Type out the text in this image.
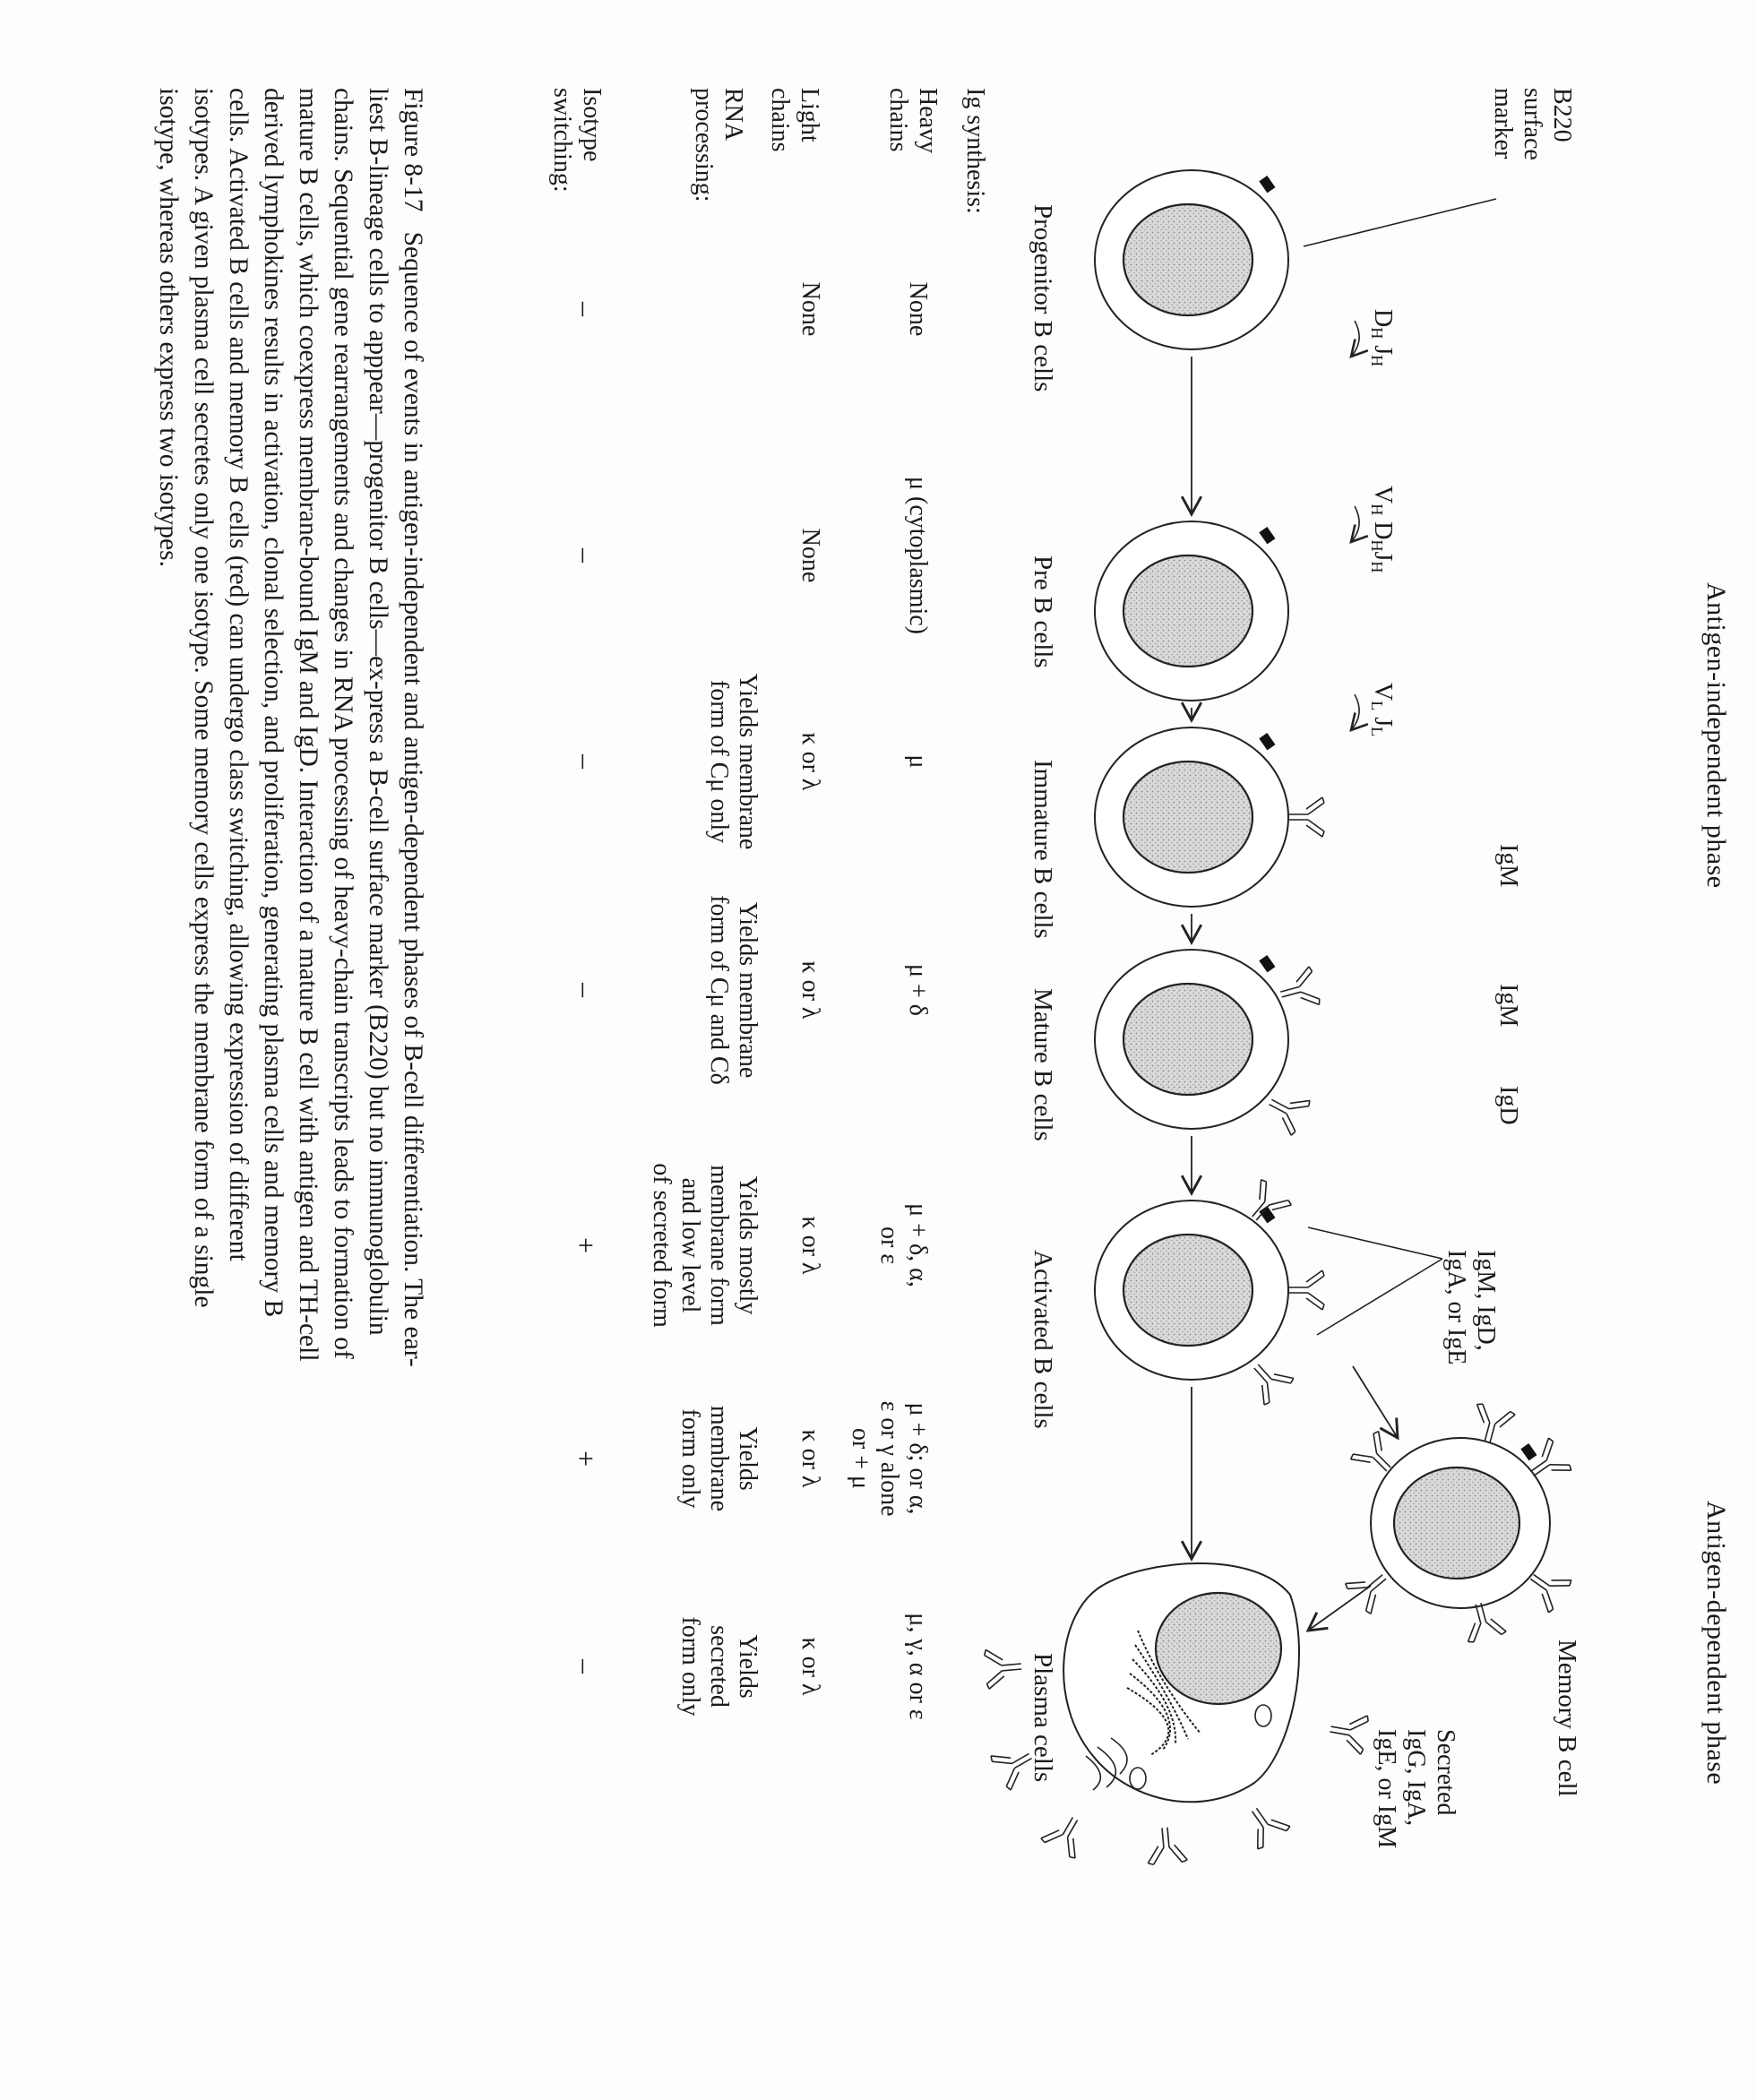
Antigen-independent phase
Antigen-dependent phase
B220
surface
marker
$D_H$ $J_H$
$V_H$ $D_HJ_H$
$V_L$ $J_L$
IgM
IgM
IgD
IgM, IgD,
IgA, or IgE
Secreted
IgG, IgA,
IgE, or IgM
Progenitor B cells
Pre B cells
Immature B cells
Mature B cells
Activated B cells
Memory B cell
Plasma cells
Ig synthesis:
Heavy
chains
Light
chains
RNA
processing:
Isotype
switching:
None
None
–
μ (cytoplasmic)
None
–
μ
κ or λ
Yields membrane
form of Cμ only
–
μ + δ
κ or λ
Yields membrane
form of Cμ and Cδ
–
μ + δ, α,
or ε
κ or λ
Yields mostly
membrane form
and low level
of secreted form
+
μ + δ; or α,
ε or γ alone
or + μ
κ or λ
Yields
membrane
form only
+
μ, γ, α or ε
κ or λ
Yields
secreted
form only
–
Figure 8-17   Sequence of events in antigen-independent and antigen-dependent phases of B-cell differentiation. The ear-
liest B-lineage cells to apppear—progenitor B cells—ex-press a B-cell surface marker (B220) but no immunoglobulin
chains. Sequential gene rearrangements and changes in RNA processing of heavy-chain transcripts leads to formation of
mature B cells, which coexpress membrane-bound IgM and IgD. Interaction of a mature B cell with antigen and TH-cell
derived lymphokines results in activation, clonal selection, and proliferation, generating plasma cells and memory B
cells. Activated B cells and memory B cells (red) can undergo class switching, allowing expression of different
isotypes. A given plasma cell secretes only one isotype. Some memory cells express the membrane form of a single
isotype, whereas others express two isotypes.
